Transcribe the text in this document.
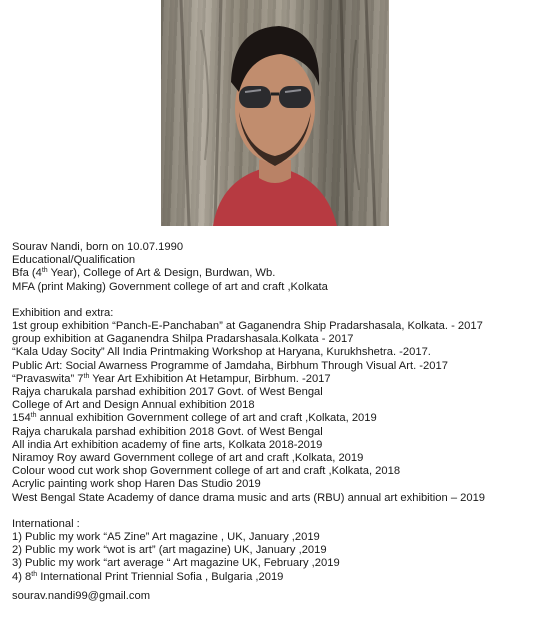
Sourav Nandi, born on 10.07.1990
Educational/Qualification
Bfa (4th Year), College of Art & Design, Burdwan, Wb.
MFA (print Making) Government college of art and craft ,Kolkata
Exhibition and extra:
1st group exhibition “Panch-E-Panchaban” at Gaganendra Ship Pradarshasala, Kolkata. - 2017
group exhibition at Gaganendra Shilpa Pradarshasala.Kolkata - 2017
“Kala Uday Socity” All India Printmaking Workshop at Haryana, Kurukhshetra. -2017.
Public Art: Social Awarness Programme of Jamdaha, Birbhum Through Visual Art. -2017
“Pravaswita” 7th Year Art Exhibition At Hetampur, Birbhum. -2017
Rajya charukala parshad exhibition 2017 Govt. of West Bengal
College of Art and Design Annual exhibition 2018
154th annual exhibition Government college of art and craft ,Kolkata, 2019
Rajya charukala parshad exhibition 2018 Govt. of West Bengal
All india Art exhibition academy of fine arts, Kolkata 2018-2019
Niramoy Roy award Government college of art and craft ,Kolkata, 2019
Colour wood cut work shop Government college of art and craft ,Kolkata, 2018
Acrylic painting work shop Haren Das Studio 2019
West Bengal State Academy of dance drama music and arts (RBU) annual art exhibition – 2019
International :
1) Public my work “A5 Zine” Art magazine , UK, January ,2019
2) Public my work “wot is art” (art magazine) UK, January ,2019
3) Public my work “art average “ Art magazine UK, February ,2019
4) 8th International Print Triennial Sofia , Bulgaria ,2019
sourav.nandi99@gmail.com
